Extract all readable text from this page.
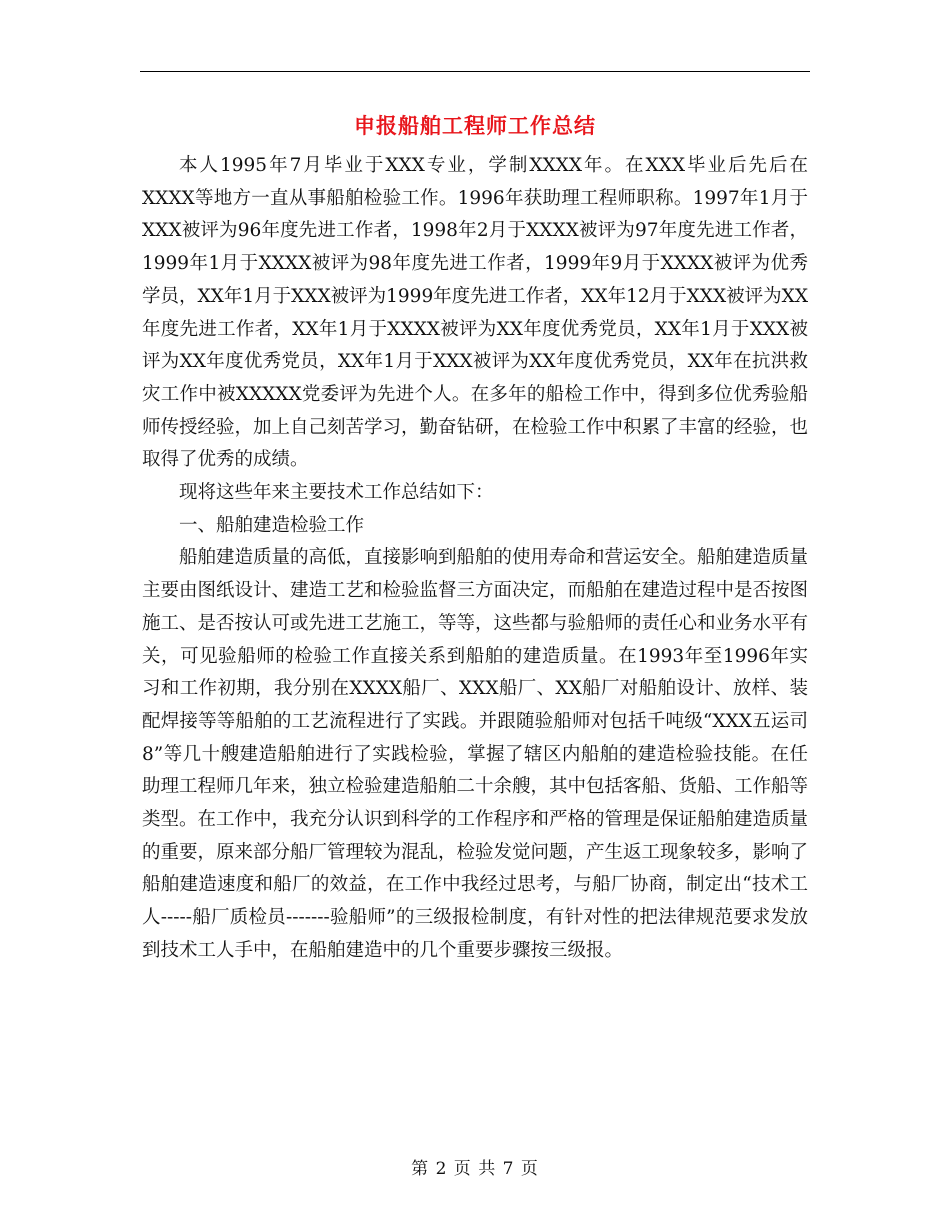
申报船舶工程师工作总结

本人1995年7月毕业于XXX专业，学制XXXX年。在XXX毕业后先后在XXXX等地方一直从事船舶检验工作。1996年获助理工程师职称。1997年1月于XXX被评为96年度先进工作者，1998年2月于XXXX被评为97年度先进工作者，1999年1月于XXXX被评为98年度先进工作者，1999年9月于XXXX被评为优秀学员，XX年1月于XXX被评为1999年度先进工作者，XX年12月于XXX被评为XX年度先进工作者，XX年1月于XXXX被评为XX年度优秀党员，XX年1月于XXX被评为XX年度优秀党员，XX年1月于XXX被评为XX年度优秀党员，XX年在抗洪救灾工作中被XXXXX党委评为先进个人。在多年的船检工作中，得到多位优秀验船师传授经验，加上自己刻苦学习，勤奋钻研，在检验工作中积累了丰富的经验，也取得了优秀的成绩。

现将这些年来主要技术工作总结如下：

一、船舶建造检验工作

船舶建造质量的高低，直接影响到船舶的使用寿命和营运安全。船舶建造质量主要由图纸设计、建造工艺和检验监督三方面决定，而船舶在建造过程中是否按图施工、是否按认可或先进工艺施工，等等，这些都与验船师的责任心和业务水平有关，可见验船师的检验工作直接关系到船舶的建造质量。在1993年至1996年实习和工作初期，我分别在XXXX船厂、XXX船厂、XX船厂对船舶设计、放样、装配焊接等等船舶的工艺流程进行了实践。并跟随验船师对包括千吨级“XXX五运司8”等几十艘建造船舶进行了实践检验，掌握了辖区内船舶的建造检验技能。在任助理工程师几年来，独立检验建造船舶二十余艘，其中包括客船、货船、工作船等类型。在工作中，我充分认识到科学的工作程序和严格的管理是保证船舶建造质量的重要，原来部分船厂管理较为混乱，检验发觉问题，产生返工现象较多，影响了船舶建造速度和船厂的效益，在工作中我经过思考，与船厂协商，制定出“技术工人-----船厂质检员-------验船师”的三级报检制度，有针对性的把法律规范要求发放到技术工人手中，在船舶建造中的几个重要步骤按三级报。

第 2 页 共 7 页
